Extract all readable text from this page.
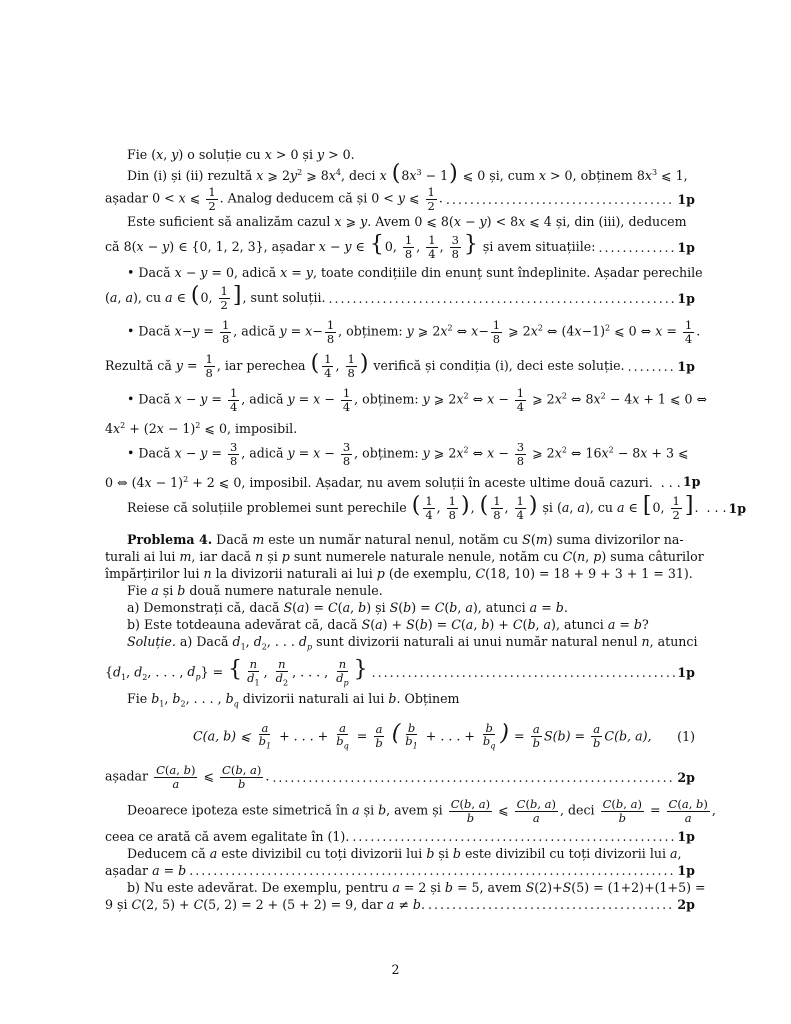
Fie (x, y) o soluție cu x > 0 și y > 0.
Din (i) și (ii) rezultă x ⩾ $2y^2$ ⩾ $8x^4$, deci x $(8x^3 - 1)$ ⩽ 0 și, cum x > 0, obținem $8x^3$ ⩽ 1,
așadar 0 < x ⩽ $\frac{1}{2}$ . Analog deducem că și 0 < y ⩽ $\frac{1}{2}$ . .....	1p
Este suficient să analizăm cazul x ⩾ y. Avem 0 ⩽ 8(x − y) < 8x ⩽ 4 și, din (iii), deducem
că 8(x − y) ∈ {0, 1, 2, 3}, așadar x − y ∈ {0, $\frac{1}{8}$ , $\frac{1}{4}$ , $\frac{3}{8}$ } și avem situațiile: .....	1p
• Dacă x − y = 0, adică x = y, toate condițiile din enunț sunt îndeplinite. Așadar perechile
(a, a), cu a ∈ (0, $\frac{1}{2}$ ], sunt soluții. .....	1p
• Dacă $x-y = \frac{1}{8}$ , adică $y = x- \frac{1}{8}$ , obținem: y ⩾ $2x^2$ ⇔ $x- \frac{1}{8}$ ⩾ $2x^2$ ⇔ $(4x-1)^2$ ⩽ 0 ⇔ $x = \frac{1}{4}$ .
Rezultă că $y = \frac{1}{8}$ , iar perechea ( $\frac{1}{4}$ , $\frac{1}{8}$ ) verifică și condiția (i), deci este soluție. .....	1p
• Dacă $x - y = \frac{1}{4}$ , adică $y = x - \frac{1}{4}$ , obținem: y ⩾ $2x^2$ ⇔ $x - \frac{1}{4}$ ⩾ $2x^2$ ⇔ $8x^2 - 4x + 1$ ⩽ 0 ⇔
$4x^2 + (2x - 1)^2$ ⩽ 0, imposibil.
• Dacă $x - y = \frac{3}{8}$ , adică $y = x - \frac{3}{8}$ , obținem: y ⩾ $2x^2$ ⇔ $x - \frac{3}{8}$ ⩾ $2x^2$ ⇔ $16x^2 - 8x + 3$ ⩽
0 ⇔ $(4x - 1)^2 + 2$ ⩽ 0, imposibil. Așadar, nu avem soluții în aceste ultime două cazuri.  . . . 1p
Reiese că soluțiile problemei sunt perechile ( $\frac{1}{4}$ , $\frac{1}{8}$ ), ( $\frac{1}{8}$ , $\frac{1}{4}$ ) și (a, a), cu a ∈ [0, $\frac{1}{2}$ ].  . . . 1p
Problema 4. Dacă m este un număr natural nenul, notăm cu S(m) suma divizorilor na-
turali ai lui m, iar dacă n și p sunt numerele naturale nenule, notăm cu C(n, p) suma câturilor
împărțirilor lui n la divizorii naturali ai lui p (de exemplu, C(18, 10) = 18 + 9 + 3 + 1 = 31).
Fie a și b două numere naturale nenule.
a) Demonstrați că, dacă S(a) = C(a, b) și S(b) = C(b, a), atunci a = b.
b) Este totdeauna adevărat că, dacă S(a) + S(b) = C(a, b) + C(b, a), atunci a = b?
Soluție. a) Dacă $d_1$, $d_2$, . . . $d_p$ sunt divizorii naturali ai unui număr natural nenul n, atunci
{$d_1$, $d_2$, . . . , $d_p$} = { $\frac{n}{d_1}$ , $\frac{n}{d_2}$ , . . . , $\frac{n}{d_p}$ } .....	1p
Fie $b_1$, $b_2$, . . . , $b_q$ divizorii naturali ai lui b. Obținem
C(a, b) ⩽ $\frac{a}{b_1}$ + . . . + $\frac{a}{b_q} = \frac{a}{b}$ ( $\frac{b}{b_1}$ + . . . + $\frac{b}{b_q}$ ) = $\frac{a}{b} S(b) = \frac{a}{b} C(b$, a), (1)
așadar $\frac{C(a, b)}{a}$ ⩽ $\frac{C(b, a)}{b}$ . .....	2p
Deoarece ipoteza este simetrică în a și b, avem și $\frac{C(b, a)}{b}$ ⩽ $\frac{C(b, a)}{a}$ , deci $\frac{C(b, a)}{b} = \frac{C(a, b)}{a}$ ,
ceea ce arată că avem egalitate în (1). .....	1p
Deducem că a este divizibil cu toți divizorii lui b și b este divizibil cu toți divizorii lui a,
așadar a = b .....	1p
b) Nu este adevărat. De exemplu, pentru a = 2 și b = 5, avem S(2)+S(5) = (1+2)+(1+5) =
9 și C(2, 5) + C(5, 2) = 2 + (5 + 2) = 9, dar a ≠ b. .....	2p
2
